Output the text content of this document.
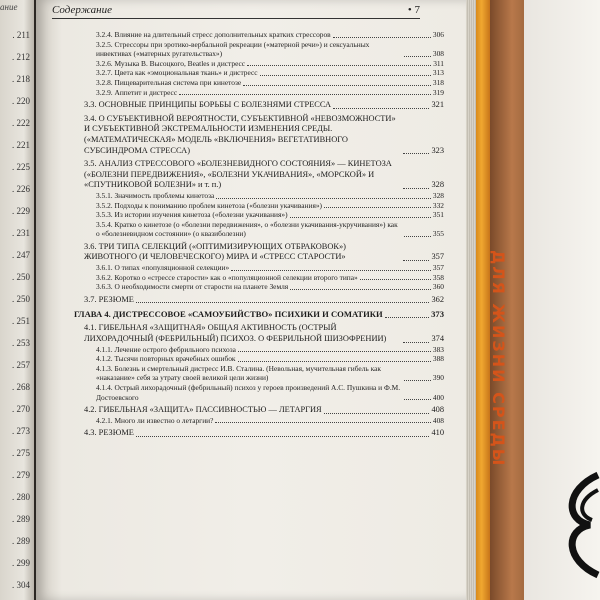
ание
. 211
. 212
. 218
. 220
. 222
. 221
. 225
. 226
. 229
. 231
. 247
. 250
. 250
. 251
. 253
. 257
. 268
. 270
. 273
. 275
. 279
. 280
. 289
. 289
. 299
. 304
Содержание	• 7
3.2.4. Влияние на длительный стресс дополнительных кратких стрессоров	306
3.2.5. Стрессоры при эротико-вербальной рекреации («матерной речи») и сексуальных инвективах («матерных ругательствах»)	308
3.2.6. Музыка В. Высоцкого, Beatles и дистресс	311
3.2.7. Цвета как «эмоциональная ткань» и дистресс	313
3.2.8. Пищеварительная система при кинетозе	318
3.2.9. Аппетит и дистресс	319
3.3. ОСНОВНЫЕ ПРИНЦИПЫ БОРЬБЫ С БОЛЕЗНЯМИ СТРЕССА	321
3.4. О СУБЪЕКТИВНОЙ ВЕРОЯТНОСТИ, СУБЪЕКТИВНОЙ «НЕВОЗМОЖНОСТИ» И СУБЪЕКТИВНОЙ ЭКСТРЕМАЛЬНОСТИ ИЗМЕНЕНИЯ СРЕДЫ. («МАТЕМАТИЧЕСКАЯ» МОДЕЛЬ «ВКЛЮЧЕНИЯ» ВЕГЕТАТИВНОГО СУБСИНДРОМА СТРЕССА)	323
3.5. АНАЛИЗ СТРЕССОВОГО «БОЛЕЗНЕВИДНОГО СОСТОЯНИЯ» — КИНЕТОЗА («БОЛЕЗНИ ПЕРЕДВИЖЕНИЯ», «БОЛЕЗНИ УКАЧИВАНИЯ», «МОРСКОЙ» И «СПУТНИКОВОЙ БОЛЕЗНИ» и т. п.)	328
3.5.1. Значимость проблемы кинетоза	328
3.5.2. Подходы к пониманию проблем кинетоза («болезни укачивания»)	332
3.5.3. Из истории изучения кинетоза («болезни укачивания»)	351
3.5.4. Кратко о кинетозе (о «болезни передвижения», о «болезни укачивания-укручивания») как о «болезневидном состоянии» (о квазиболезни)	355
3.6. ТРИ ТИПА СЕЛЕКЦИЙ («ОПТИМИЗИРУЮЩИХ ОТБРАКОВОК») ЖИВОТНОГО (И ЧЕЛОВЕЧЕСКОГО) МИРА И «СТРЕСС СТАРОСТИ»	357
3.6.1. О типах «популяционной селекции»	357
3.6.2. Коротко о «стрессе старости» как о «популяционной селекции второго типа»	358
3.6.3. О необходимости смерти от старости на планете Земля	360
3.7. РЕЗЮМЕ	362
ГЛАВА 4. ДИСТРЕССОВОЕ «САМОУБИЙСТВО» ПСИХИКИ И СОМАТИКИ	373
4.1. ГИБЕЛЬНАЯ «ЗАЩИТНАЯ» ОБЩАЯ АКТИВНОСТЬ (ОСТРЫЙ ЛИХОРАДОЧНЫЙ (ФЕБРИЛЬНЫЙ) ПСИХОЗ. О ФЕБРИЛЬНОЙ ШИЗОФРЕНИИ)	374
4.1.1. Лечение острого фебрильного психоза	383
4.1.2. Тысячи повторных врачебных ошибок	388
4.1.3. Болезнь и смертельный дистресс И.В. Сталина. (Невольная, мучительная гибель как «наказание» себя за утрату своей великой цели жизни)	390
4.1.4. Острый лихорадочный (фебрильный) психоз у героев произведений А.С. Пушкина и Ф.М. Достоевского	400
4.2. ГИБЕЛЬНАЯ «ЗАЩИТА» ПАССИВНОСТЬЮ — ЛЕТАРГИЯ	408
4.2.1. Много ли известно о летаргии?	408
4.3. РЕЗЮМЕ	410	ДЛЯ ЖИЗНИ СРЕДЫ
